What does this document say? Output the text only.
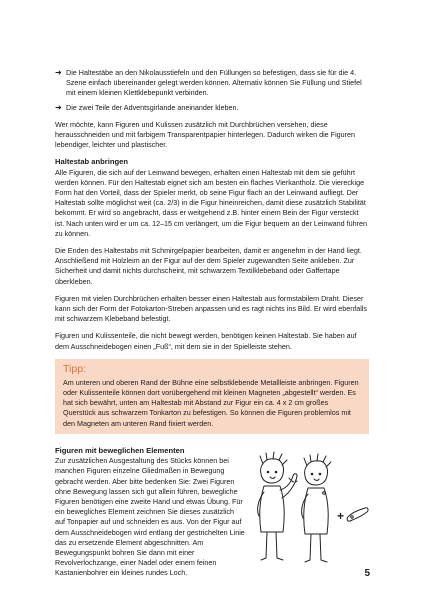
➜ Die Haltestäbe an den Nikolausstiefeln und den Füllungen so befestigen, dass sie für die 4. Szene einfach übereinander gelegt werden können. Alternativ können Sie Füllung und Stiefel mit einem kleinen Klettklebepunkt verbinden.

➜ Die zwei Teile der Adventsgirlande aneinander kleben.

Wer möchte, kann Figuren und Kulissen zusätzlich mit Durchbrüchen versehen, diese herausschneiden und mit farbigem Transparentpapier hinterlegen. Dadurch wirken die Figuren lebendiger, leichter und plastischer.

Haltestab anbringen

Alle Figuren, die sich auf der Leinwand bewegen, erhalten einen Haltestab mit dem sie geführt werden können. Für den Haltestab eignet sich am besten ein flaches Vierkantholz. Die viereckige Form hat den Vorteil, dass der Spieler merkt, ob seine Figur flach an der Leinwand aufliegt. Der Haltestab sollte möglichst weit (ca. 2/3) in die Figur hineinreichen, damit diese zusätzlich Stabilität bekommt. Er wird so angebracht, dass er weitgehend z.B. hinter einem Bein der Figur versteckt ist. Nach unten wird er um ca. 12–15 cm verlängert, um die Figur bequem an der Leinwand führen zu können.

Die Enden des Haltestabs mit Schmirgelpapier bearbeiten, damit er angenehm in der Hand liegt. Anschließend mit Holzleim an der Figur auf der dem Spieler zugewandten Seite ankleben. Zur Sicherheit und damit nichts durchscheint, mit schwarzem Textilklebeband oder Gaffertape überkleben.

Figuren mit vielen Durchbrüchen erhalten besser einen Haltestab aus formstabilem Draht. Dieser kann sich der Form der Fotokarton-Streben anpassen und es ragt nichts ins Bild. Er wird ebenfalls mit schwarzem Klebeband befestigt.

Figuren und Kulissenteile, die nicht bewegt werden, benötigen keinen Haltestab. Sie haben auf dem Ausschneidebogen einen „Fuß“, mit dem sie in der Spielleiste stehen.

Tipp:

Am unteren und oberen Rand der Bühne eine selbstklebende Metallleiste anbringen. Figuren oder Kulissenteile können dort vorübergehend mit kleinen Magneten „abgestellt“ werden. Es hat sich bewährt, unten am Haltestab mit Abstand zur Figur ein ca. 4 x 2 cm großes Querstück aus schwarzem Tonkarton zu befestigen. So können die Figuren problemlos mit den Magneten am unteren Rand fixiert werden.

Figuren mit beweglichen Elementen

Zur zusätzlichen Ausgestaltung des Stücks können bei manchen Figuren einzelne Gliedmaßen in Bewegung gebracht werden. Aber bitte bedenken Sie: Zwei Figuren ohne Bewegung lassen sich gut allein führen, bewegliche Figuren benötigen eine zweite Hand und etwas Übung. Für ein bewegliches Element zeichnen Sie dieses zusätzlich auf Tonpapier auf und schneiden es aus. Von der Figur auf dem Ausschneidebogen wird entlang der gestrichelten Linie das zu ersetzende Element abgeschnitten. Am Bewegungspunkt bohren Sie dann mit einer Revolverlochzange, einer Nadel oder einem feinen Kastanienbohrer ein kleines rundes Loch.

+
5
